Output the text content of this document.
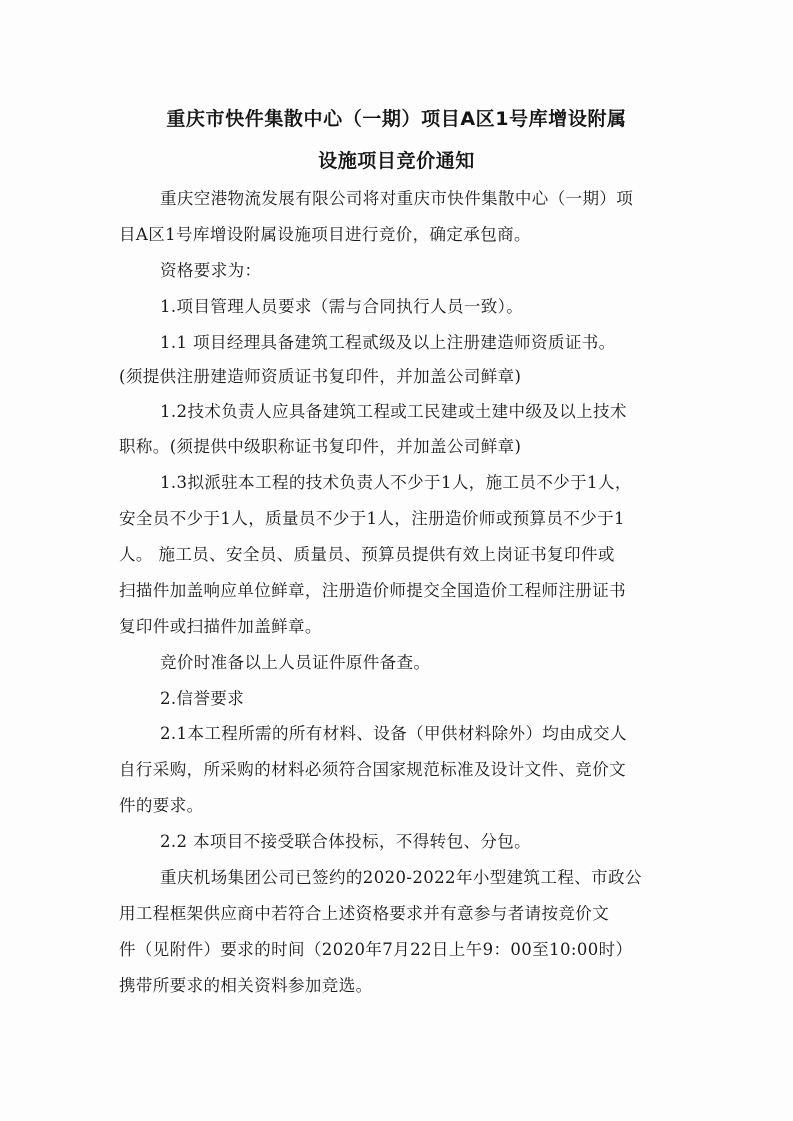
重庆市快件集散中心（一期）项目A区1号库增设附属
设施项目竞价通知
重庆空港物流发展有限公司将对重庆市快件集散中心（一期）项
目A区1号库增设附属设施项目进行竞价，确定承包商。
资格要求为：
1.项目管理人员要求（需与合同执行人员一致）。
1.1 项目经理具备建筑工程贰级及以上注册建造师资质证书。
(须提供注册建造师资质证书复印件，并加盖公司鲜章)
1.2技术负责人应具备建筑工程或工民建或土建中级及以上技术
职称。(须提供中级职称证书复印件，并加盖公司鲜章)
1.3拟派驻本工程的技术负责人不少于1人，施工员不少于1人，
安全员不少于1人，质量员不少于1人，注册造价师或预算员不少于1
人。 施工员、安全员、质量员、预算员提供有效上岗证书复印件或
扫描件加盖响应单位鲜章，注册造价师提交全国造价工程师注册证书
复印件或扫描件加盖鲜章。
竞价时准备以上人员证件原件备查。
2.信誉要求
2.1本工程所需的所有材料、设备（甲供材料除外）均由成交人
自行采购，所采购的材料必须符合国家规范标准及设计文件、竞价文
件的要求。
2.2 本项目不接受联合体投标，不得转包、分包。
重庆机场集团公司已签约的2020-2022年小型建筑工程、市政公
用工程框架供应商中若符合上述资格要求并有意参与者请按竞价文
件（见附件）要求的时间（2020年7月22日上午9：00至10:00时）
携带所要求的相关资料参加竞选。
